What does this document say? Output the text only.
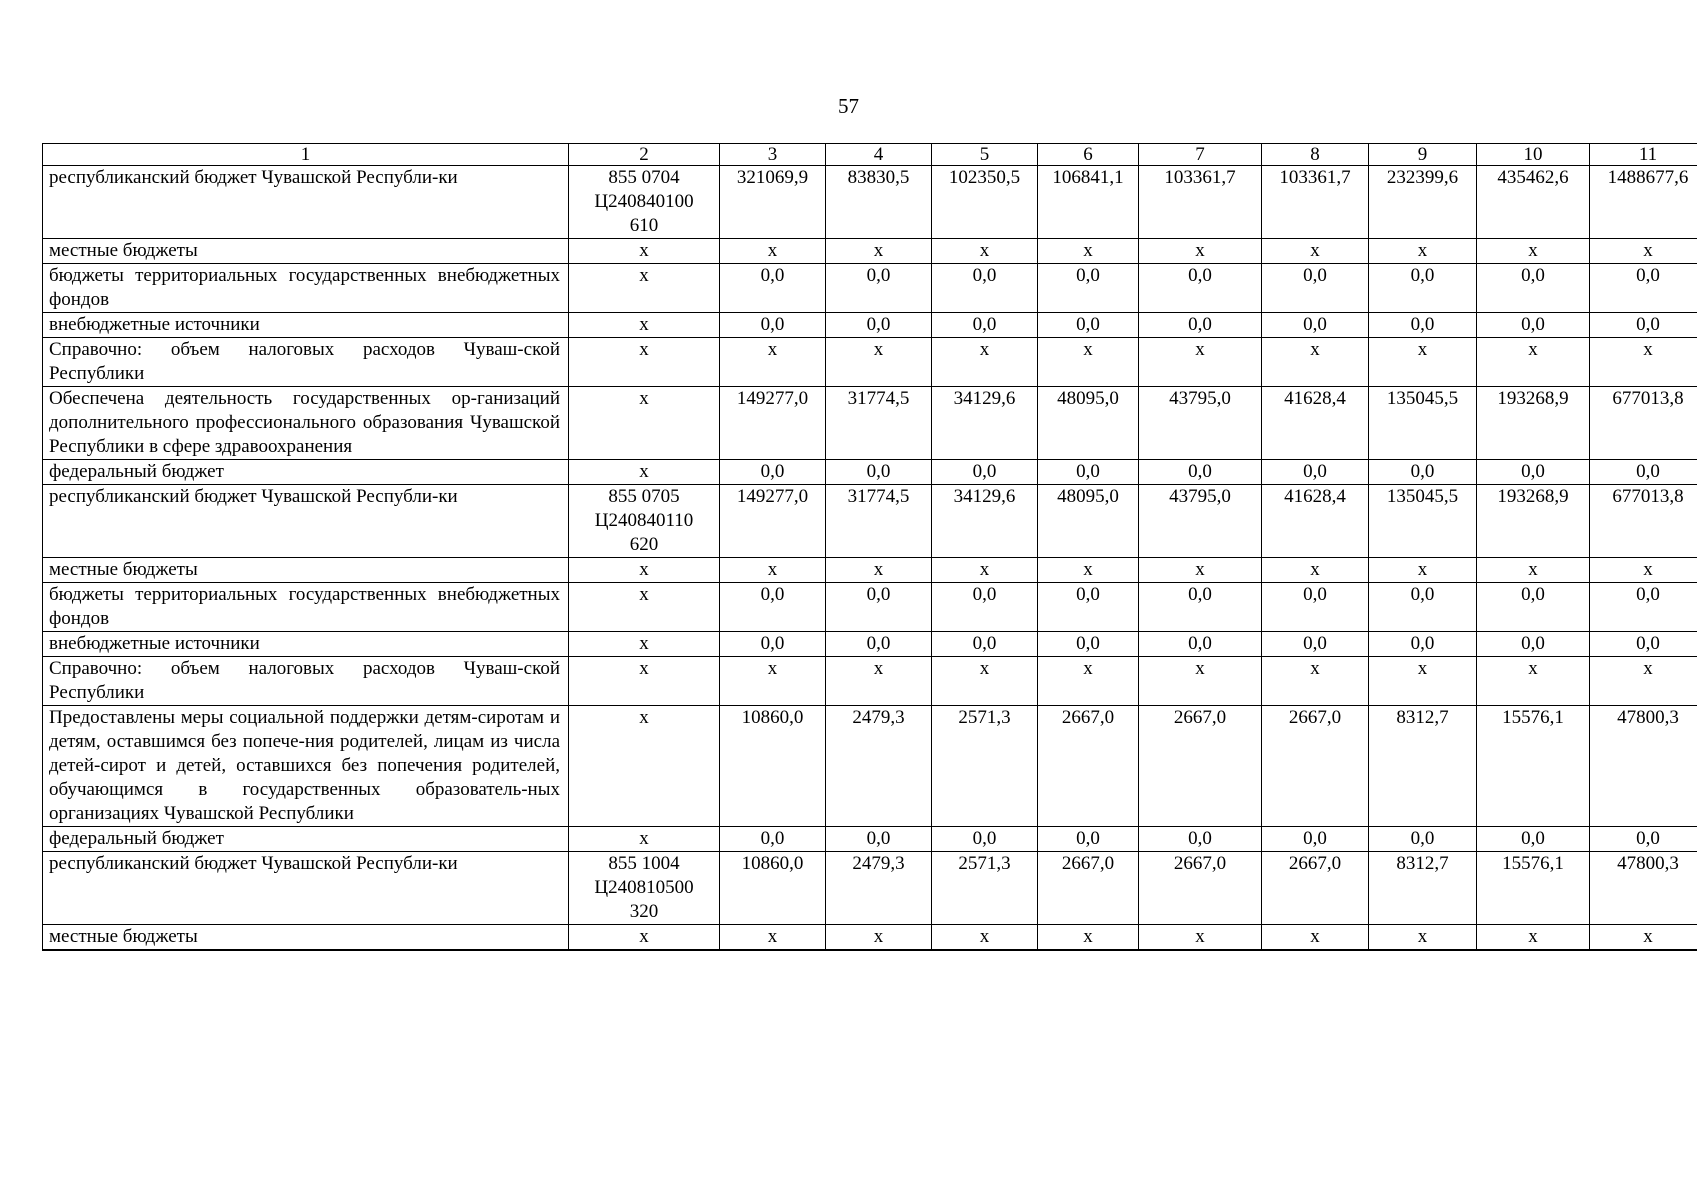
57
1	2	3	4	5	6	7	8	9	10	11
республиканский бюджет Чувашской Республи-ки	855 0704
Ц240840100
610	321069,9	83830,5	102350,5	106841,1	103361,7	103361,7	232399,6	435462,6	1488677,6
местные бюджеты	x	x	x	x	x	x	x	x	x	x
бюджеты территориальных государственных внебюджетных фондов	x	0,0	0,0	0,0	0,0	0,0	0,0	0,0	0,0	0,0
внебюджетные источники	x	0,0	0,0	0,0	0,0	0,0	0,0	0,0	0,0	0,0
Справочно: объем налоговых расходов Чуваш-ской Республики	x	x	x	x	x	x	x	x	x	x
Обеспечена деятельность государственных ор-ганизаций дополнительного профессионального образования Чувашской Республики в сфере здравоохранения	x	149277,0	31774,5	34129,6	48095,0	43795,0	41628,4	135045,5	193268,9	677013,8
федеральный бюджет	x	0,0	0,0	0,0	0,0	0,0	0,0	0,0	0,0	0,0
республиканский бюджет Чувашской Республи-ки	855 0705
Ц240840110
620	149277,0	31774,5	34129,6	48095,0	43795,0	41628,4	135045,5	193268,9	677013,8
местные бюджеты	x	x	x	x	x	x	x	x	x	x
бюджеты территориальных государственных внебюджетных фондов	x	0,0	0,0	0,0	0,0	0,0	0,0	0,0	0,0	0,0
внебюджетные источники	x	0,0	0,0	0,0	0,0	0,0	0,0	0,0	0,0	0,0
Справочно: объем налоговых расходов Чуваш-ской Республики	x	x	x	x	x	x	x	x	x	x
Предоставлены меры социальной поддержки детям-сиротам и детям, оставшимся без попече-ния родителей, лицам из числа детей-сирот и детей, оставшихся без попечения родителей, обучающимся в государственных образователь-ных организациях Чувашской Республики	x	10860,0	2479,3	2571,3	2667,0	2667,0	2667,0	8312,7	15576,1	47800,3
федеральный бюджет	x	0,0	0,0	0,0	0,0	0,0	0,0	0,0	0,0	0,0
республиканский бюджет Чувашской Республи-ки	855 1004
Ц240810500
320	10860,0	2479,3	2571,3	2667,0	2667,0	2667,0	8312,7	15576,1	47800,3
местные бюджеты	x	x	x	x	x	x	x	x	x	x
